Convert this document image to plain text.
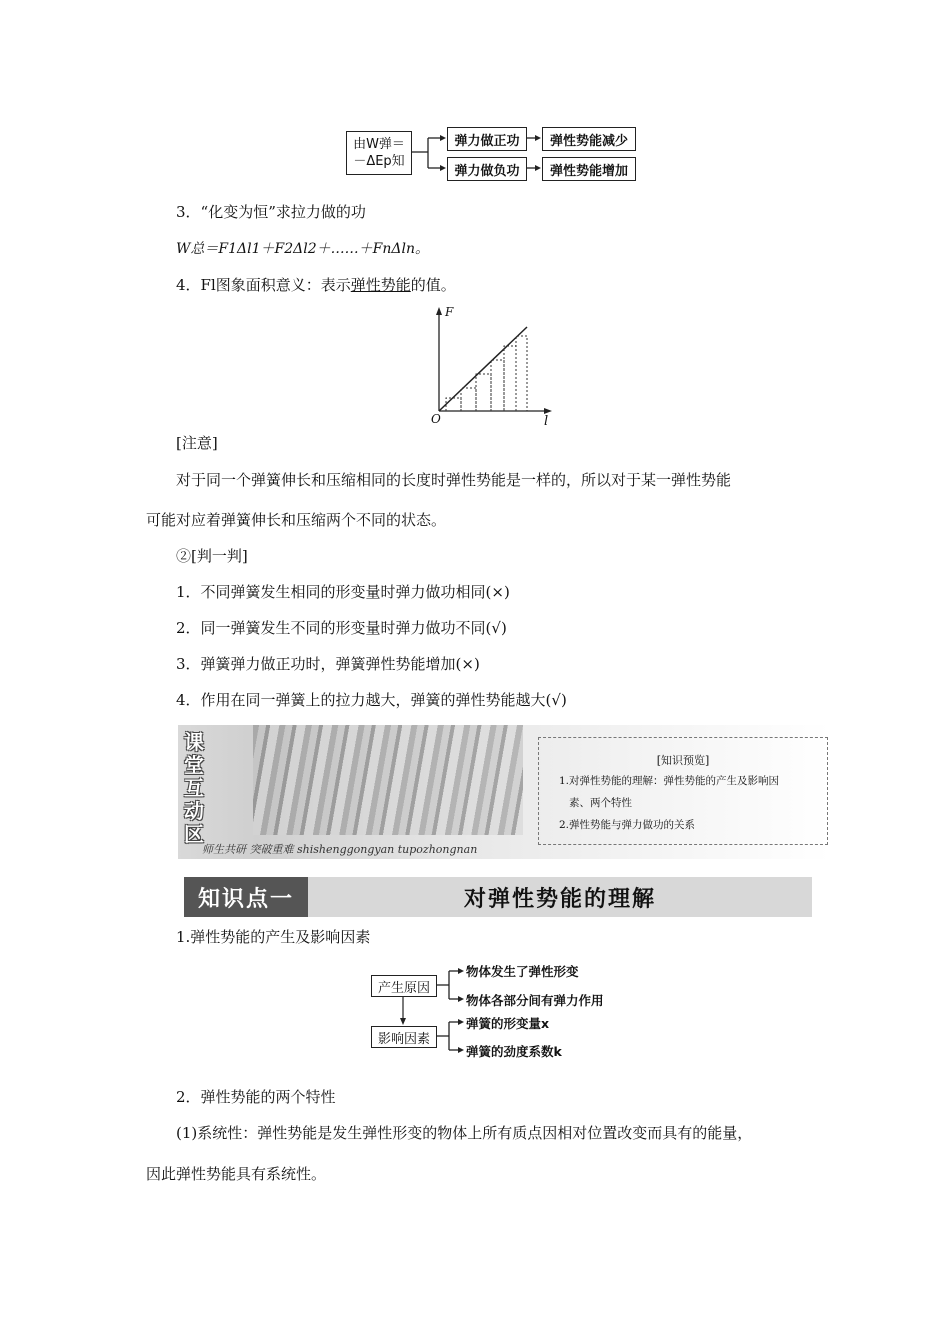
由W弹＝
－ΔEp知
弹力做正功
弹力做负功
弹性势能减少
弹性势能增加
3．“化变为恒”求拉力做的功
W总＝F1Δl1＋F2Δl2＋……＋FnΔln。
4．Fl图象面积意义：表示弹性势能的值。
F
l
O
[注意]
对于同一个弹簧伸长和压缩相同的长度时弹性势能是一样的，所以对于某一弹性势能
可能对应着弹簧伸长和压缩两个不同的状态。
②[判一判]
1．不同弹簧发生相同的形变量时弹力做功相同(×)
2．同一弹簧发生不同的形变量时弹力做功不同(√)
3．弹簧弹力做正功时，弹簧弹性势能增加(×)
4．作用在同一弹簧上的拉力越大，弹簧的弹性势能越大(√)
课
堂
互
动
区
师生共研 突破重难 shishenggongyan tupozhongnan
[知识预览]
1.对弹性势能的理解：弹性势能的产生及影响因
素、两个特性
2.弹性势能与弹力做功的关系
知识点一	对弹性势能的理解
1.弹性势能的产生及影响因素
产生原因
影响因素
物体发生了弹性形变
物体各部分间有弹力作用
弹簧的形变量x
弹簧的劲度系数k
2．弹性势能的两个特性
(1)系统性：弹性势能是发生弹性形变的物体上所有质点因相对位置改变而具有的能量，
因此弹性势能具有系统性。
